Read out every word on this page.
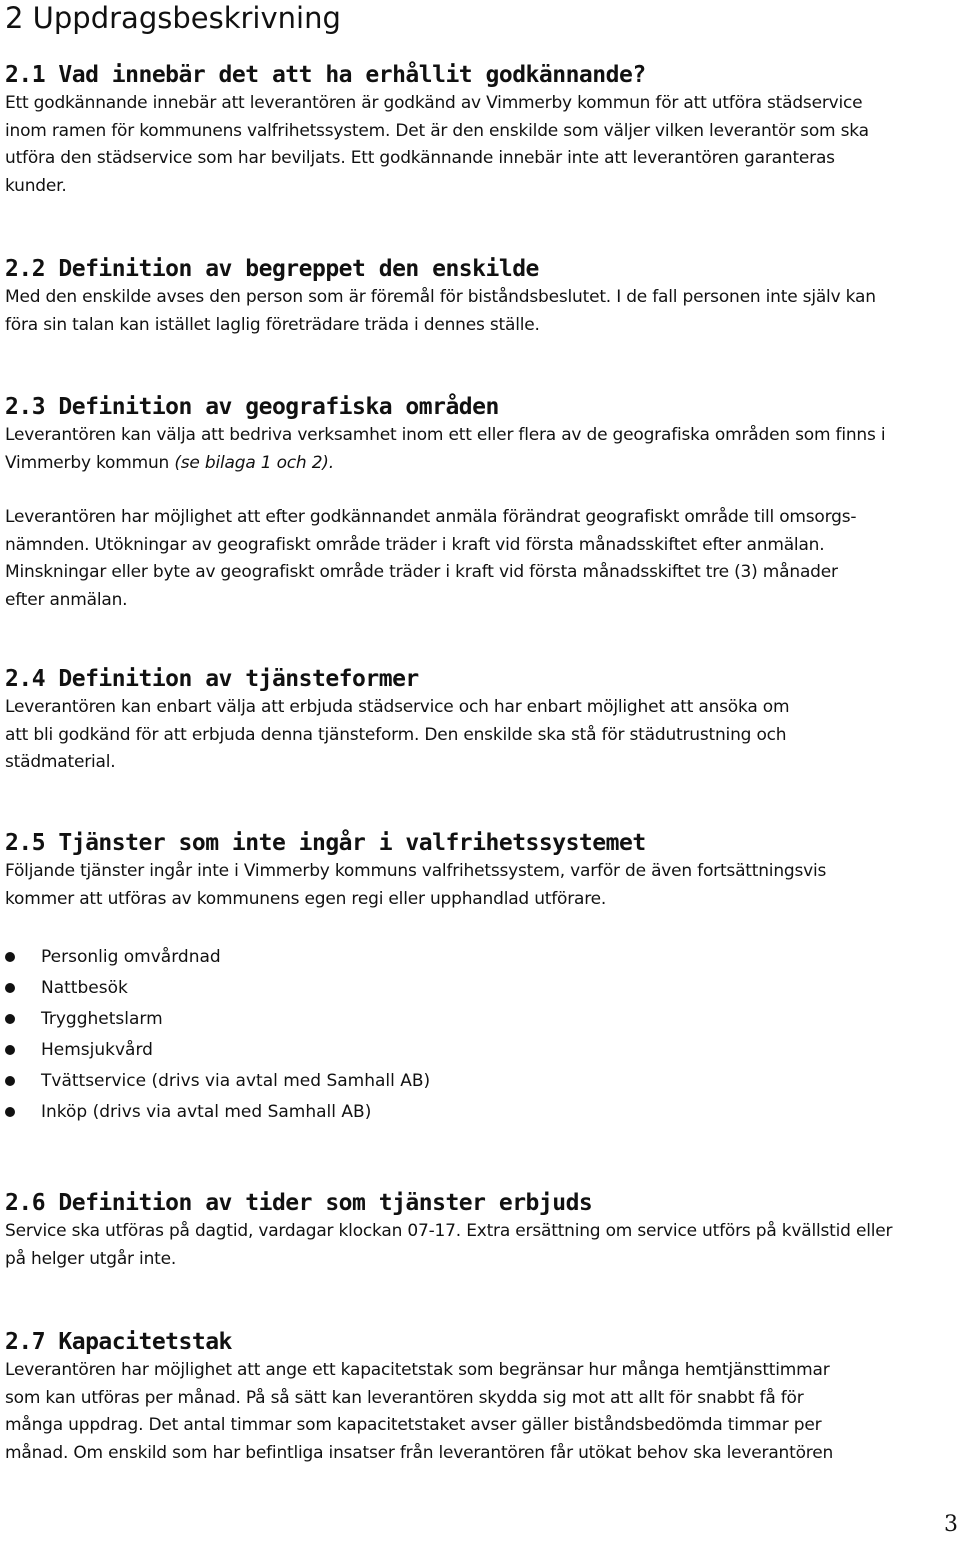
2 Uppdragsbeskrivning
2.1 Vad innebär det att ha erhållit godkännande?

Ett godkännande innebär att leverantören är godkänd av Vimmerby kommun för att utföra städservice

inom ramen för kommunens valfrihetssystem. Det är den enskilde som väljer vilken leverantör som ska

utföra den städservice som har beviljats. Ett godkännande innebär inte att leverantören garanteras

kunder.

2.2 Definition av begreppet den enskilde

Med den enskilde avses den person som är föremål för biståndsbeslutet. I de fall personen inte själv kan

föra sin talan kan istället laglig företrädare träda i dennes ställe.

2.3 Definition av geografiska områden

Leverantören kan välja att bedriva verksamhet inom ett eller flera av de geografiska områden som finns i

Vimmerby kommun (se bilaga 1 och 2).

Leverantören har möjlighet att efter godkännandet anmäla förändrat geografiskt område till omsorgs-

nämnden. Utökningar av geografiskt område träder i kraft vid första månadsskiftet efter anmälan.

Minskningar eller byte av geografiskt område träder i kraft vid första månadsskiftet tre (3) månader

efter anmälan.

2.4 Definition av tjänsteformer

Leverantören kan enbart välja att erbjuda städservice och har enbart möjlighet att ansöka om

att bli godkänd för att erbjuda denna tjänsteform. Den enskilde ska stå för städutrustning och

städmaterial.

2.5 Tjänster som inte ingår i valfrihetssystemet

Följande tjänster ingår inte i Vimmerby kommuns valfrihetssystem, varför de även fortsättningsvis

kommer att utföras av kommunens egen regi eller upphandlad utförare.

Personlig omvårdnad
Nattbesök
Trygghetslarm
Hemsjukvård
Tvättservice (drivs via avtal med Samhall AB)
Inköp (drivs via avtal med Samhall AB)
2.6 Definition av tider som tjänster erbjuds

Service ska utföras på dagtid, vardagar klockan 07-17. Extra ersättning om service utförs på kvällstid eller

på helger utgår inte.

2.7 Kapacitetstak

Leverantören har möjlighet att ange ett kapacitetstak som begränsar hur många hemtjänsttimmar

som kan utföras per månad. På så sätt kan leverantören skydda sig mot att allt för snabbt få för

många uppdrag. Det antal timmar som kapacitetstaket avser gäller biståndsbedömda timmar per

månad. Om enskild som har befintliga insatser från leverantören får utökat behov ska leverantören

3
